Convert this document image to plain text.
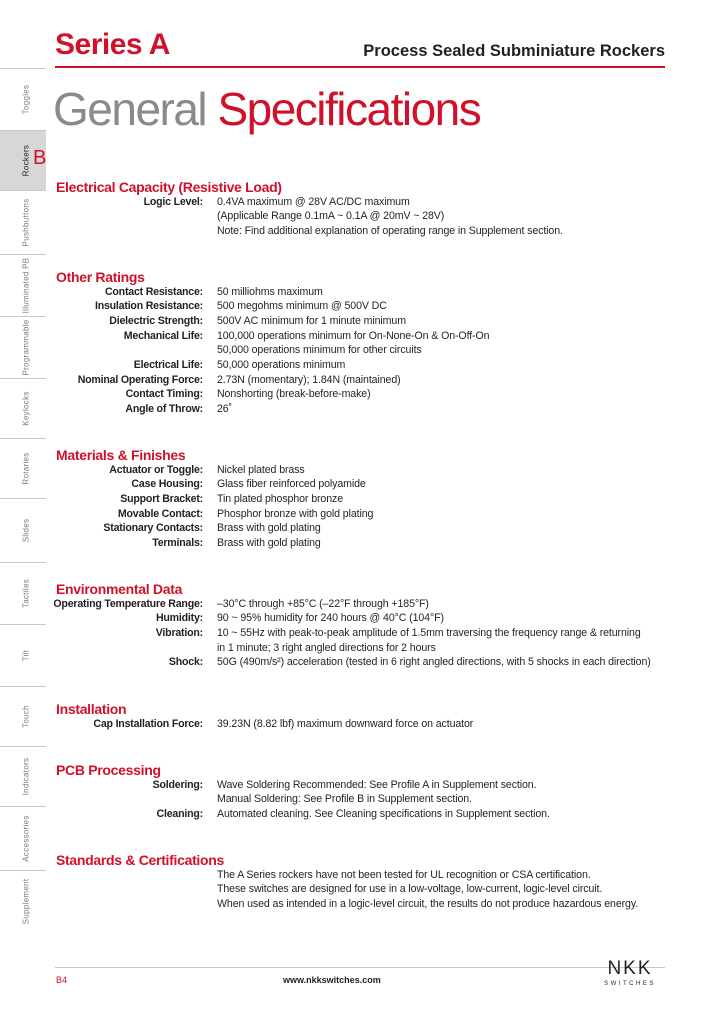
Toggles
Rockers
Pushbuttons
Illuminated PB
Programmable
Keylocks
Rotaries
Slides
Tactiles
Tilt
Touch
Indicators
Accessories
Supplement
B
Series A	Process Sealed Subminiature Rockers
General Specifications
Electrical Capacity (Resistive Load)
Logic Level: 0.4VA maximum @ 28V AC/DC maximum
(Applicable Range 0.1mA ~ 0.1A @ 20mV ~ 28V)
Note: Find additional explanation of operating range in Supplement section.
Other Ratings
Contact Resistance: 50 milliohms maximum
Insulation Resistance: 500 megohms minimum @ 500V DC
Dielectric Strength: 500V AC minimum for 1 minute minimum
Mechanical Life: 100,000 operations minimum for On-None-On & On-Off-On
50,000 operations minimum for other circuits
Electrical Life: 50,000 operations minimum
Nominal Operating Force: 2.73N (momentary); 1.84N (maintained)
Contact Timing: Nonshorting (break-before-make)
Angle of Throw: 26˚
Materials & Finishes
Actuator or Toggle: Nickel plated brass
Case Housing: Glass fiber reinforced polyamide
Support Bracket: Tin plated phosphor bronze
Movable Contact: Phosphor bronze with gold plating
Stationary Contacts: Brass with gold plating
Terminals: Brass with gold plating
Environmental Data
Operating Temperature Range: –30°C through +85°C (–22°F through +185°F)
Humidity: 90 ~ 95% humidity for 240 hours @ 40°C (104°F)
Vibration: 10 ~ 55Hz with peak-to-peak amplitude of 1.5mm traversing the frequency range & returning
in 1 minute; 3 right angled directions for 2 hours
Shock: 50G (490m/s²) acceleration (tested in 6 right angled directions, with 5 shocks in each direction)
Installation
Cap Installation Force: 39.23N (8.82 lbf) maximum downward force on actuator
PCB Processing
Soldering: Wave Soldering Recommended: See Profile A in Supplement section.
Manual Soldering: See Profile B in Supplement section.
Cleaning: Automated cleaning. See Cleaning specifications in Supplement section.
Standards & Certifications
The A Series rockers have not been tested for UL recognition or CSA certification.
These switches are designed for use in a low-voltage, low-current, logic-level circuit.
When used as intended in a logic-level circuit, the results do not produce hazardous energy.
B4	www.nkkswitches.com
NKK
SWITCHES
